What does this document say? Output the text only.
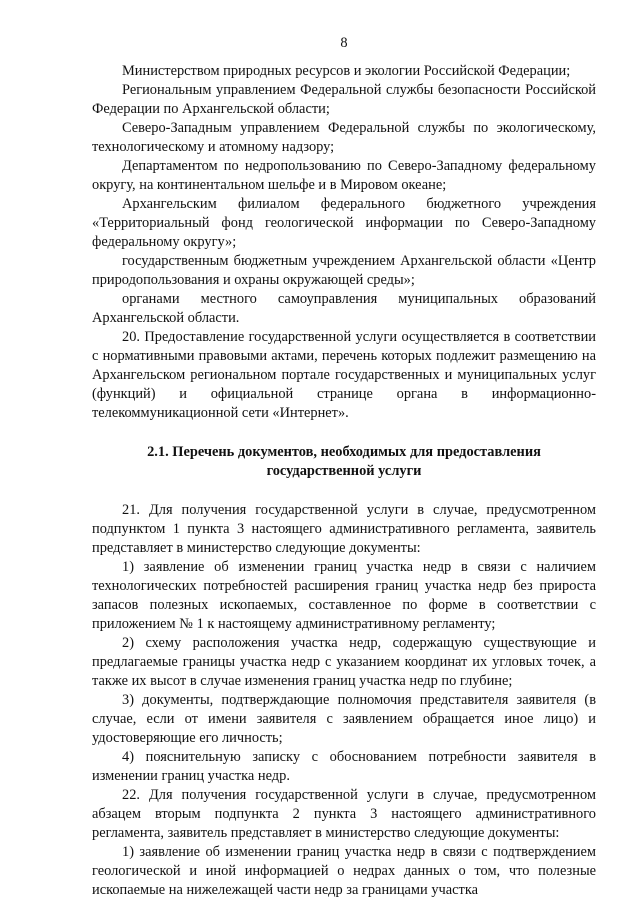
8

Министерством природных ресурсов и экологии Российской Федерации;

Региональным управлением Федеральной службы безопасности Российской Федерации по Архангельской области;

Северо-Западным управлением Федеральной службы по экологическому, технологическому и атомному надзору;

Департаментом по недропользованию по Северо-Западному федеральному округу, на континентальном шельфе и в Мировом океане;

Архангельским филиалом федерального бюджетного учреждения «Территориальный фонд геологической информации по Северо-Западному федеральному округу»;

государственным бюджетным учреждением Архангельской области «Центр природопользования и охраны окружающей среды»;

органами местного самоуправления муниципальных образований Архангельской области.

20. Предоставление государственной услуги осуществляется в соответствии с нормативными правовыми актами, перечень которых подлежит размещению на Архангельском региональном портале государственных и муниципальных услуг (функций) и официальной странице органа в информационно-телекоммуникационной сети «Интернет».

2.1. Перечень документов, необходимых для предоставления
государственной услуги

21. Для получения государственной услуги в случае, предусмотренном подпунктом 1 пункта 3 настоящего административного регламента, заявитель представляет в министерство следующие документы:

1) заявление об изменении границ участка недр в связи с наличием технологических потребностей расширения границ участка недр без прироста запасов полезных ископаемых, составленное по форме в соответствии с приложением № 1 к настоящему административному регламенту;

2) схему расположения участка недр, содержащую существующие и предлагаемые границы участка недр с указанием координат их угловых точек, а также их высот в случае изменения границ участка недр по глубине;

3) документы, подтверждающие полномочия представителя заявителя (в случае, если от имени заявителя с заявлением обращается иное лицо) и удостоверяющие его личность;

4) пояснительную записку с обоснованием потребности заявителя в изменении границ участка недр.

22. Для получения государственной услуги в случае, предусмотренном абзацем вторым подпункта 2 пункта 3 настоящего административного регламента, заявитель представляет в министерство следующие документы:

1) заявление об изменении границ участка недр в связи с подтверждением геологической и иной информацией о недрах данных о том, что полезные ископаемые на нижележащей части недр за границами участка
